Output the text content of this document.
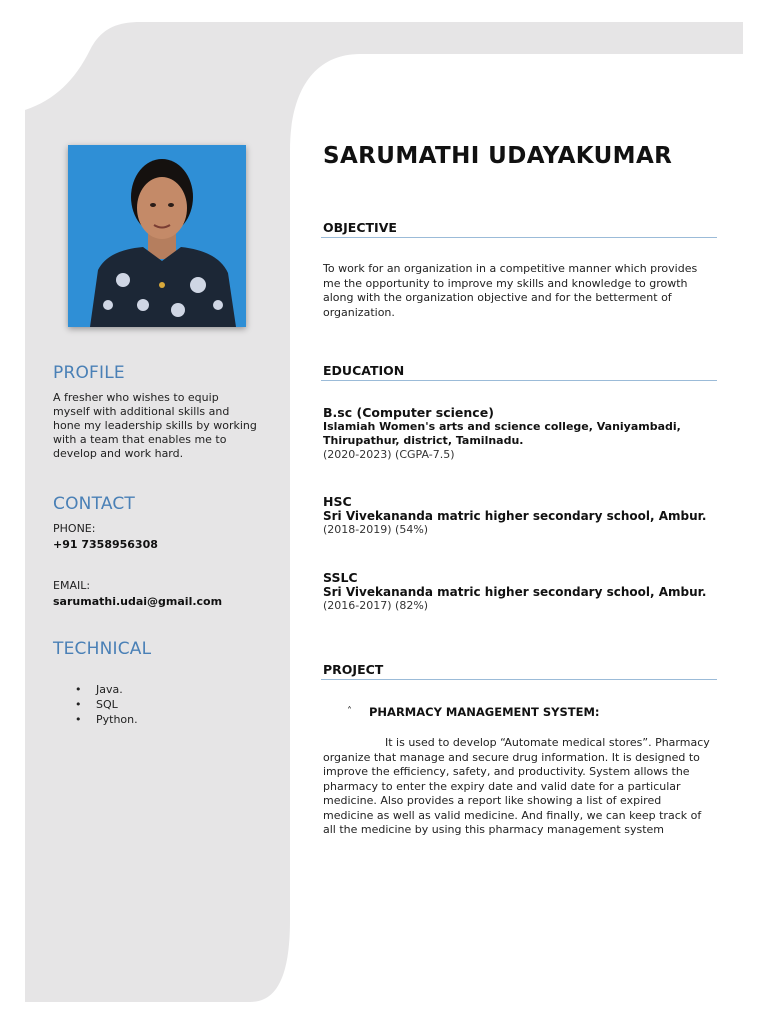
PROFILE
A fresher who wishes to equip myself with additional skills and hone my leadership skills by working with a team that enables me to develop and work hard.
CONTACT
PHONE:
+91 7358956308
EMAIL:
sarumathi.udai@gmail.com
TECHNICAL
• Java.
• SQL
• Python.
SARUMATHI UDAYAKUMAR
OBJECTIVE
To work for an organization in a competitive manner which provides me the opportunity to improve my skills and knowledge to growth along with the organization objective and for the betterment of organization.
EDUCATION
B.sc (Computer science)
Islamiah Women's arts and science college, Vaniyambadi, Thirupathur, district, Tamilnadu.
(2020-2023) (CGPA-7.5)
HSC
Sri Vivekananda matric higher secondary school, Ambur.
(2018-2019) (54%)
SSLC
Sri Vivekananda matric higher secondary school, Ambur.
(2016-2017) (82%)
PROJECT
˄ PHARMACY MANAGEMENT SYSTEM:
It is used to develop “Automate medical stores”. Pharmacy organize that manage and secure drug information. It is designed to improve the efficiency, safety, and productivity. System allows the pharmacy to enter the expiry date and valid date for a particular medicine. Also provides a report like showing a list of expired medicine as well as valid medicine. And finally, we can keep track of all the medicine by using this pharmacy management system
